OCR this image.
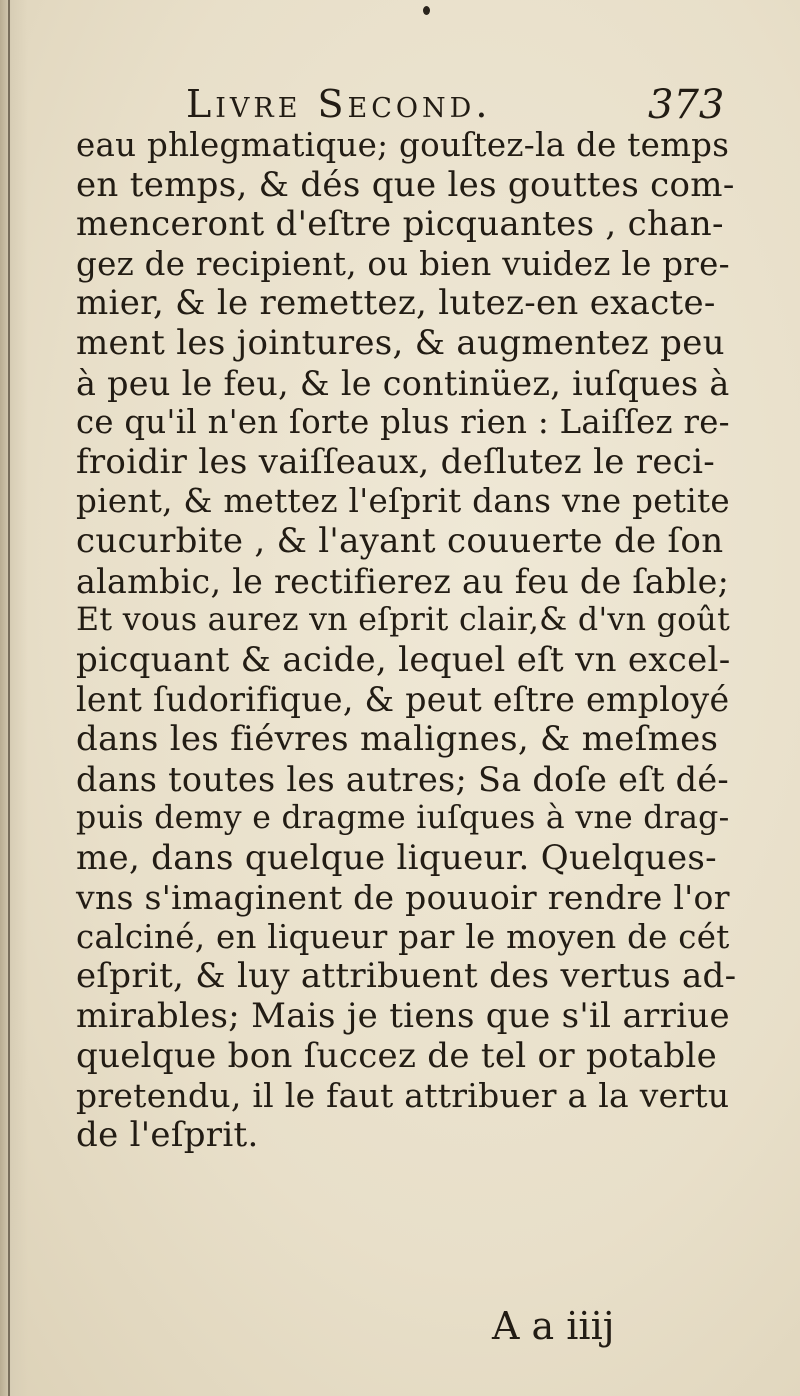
Livre Second.	373
eau phlegmatique; gouſtez-la de temps
en temps, & dés que les gouttes com-
menceront d'eſtre picquantes , chan-
gez de recipient, ou bien vuidez le pre-
mier, & le remettez, lutez-en exacte-
ment les jointures, & augmentez peu
à peu le feu, & le continüez, iuſques à
ce qu'il n'en ſorte plus rien : Laiſſez re-
froidir les vaiſſeaux, deſlutez le reci-
pient, & mettez l'eſprit dans vne petite
cucurbite , & l'ayant couuerte de ſon
alambic, le rectifierez au feu de ſable;
Et vous aurez vn eſprit clair,& d'vn goût
picquant & acide, lequel eſt vn excel-
lent ſudorifique, & peut eſtre employé
dans les fiévres malignes, & meſmes
dans toutes les autres; Sa doſe eſt dé-
puis demy e dragme iuſques à vne drag-
me, dans quelque liqueur. Quelques-
vns s'imaginent de pouuoir rendre l'or
calciné, en liqueur par le moyen de cét
eſprit, & luy attribuent des vertus ad-
mirables; Mais je tiens que s'il arriue
quelque bon ſuccez de tel or potable
pretendu, il le faut attribuer a la vertu
de l'eſprit.
A a iiij
